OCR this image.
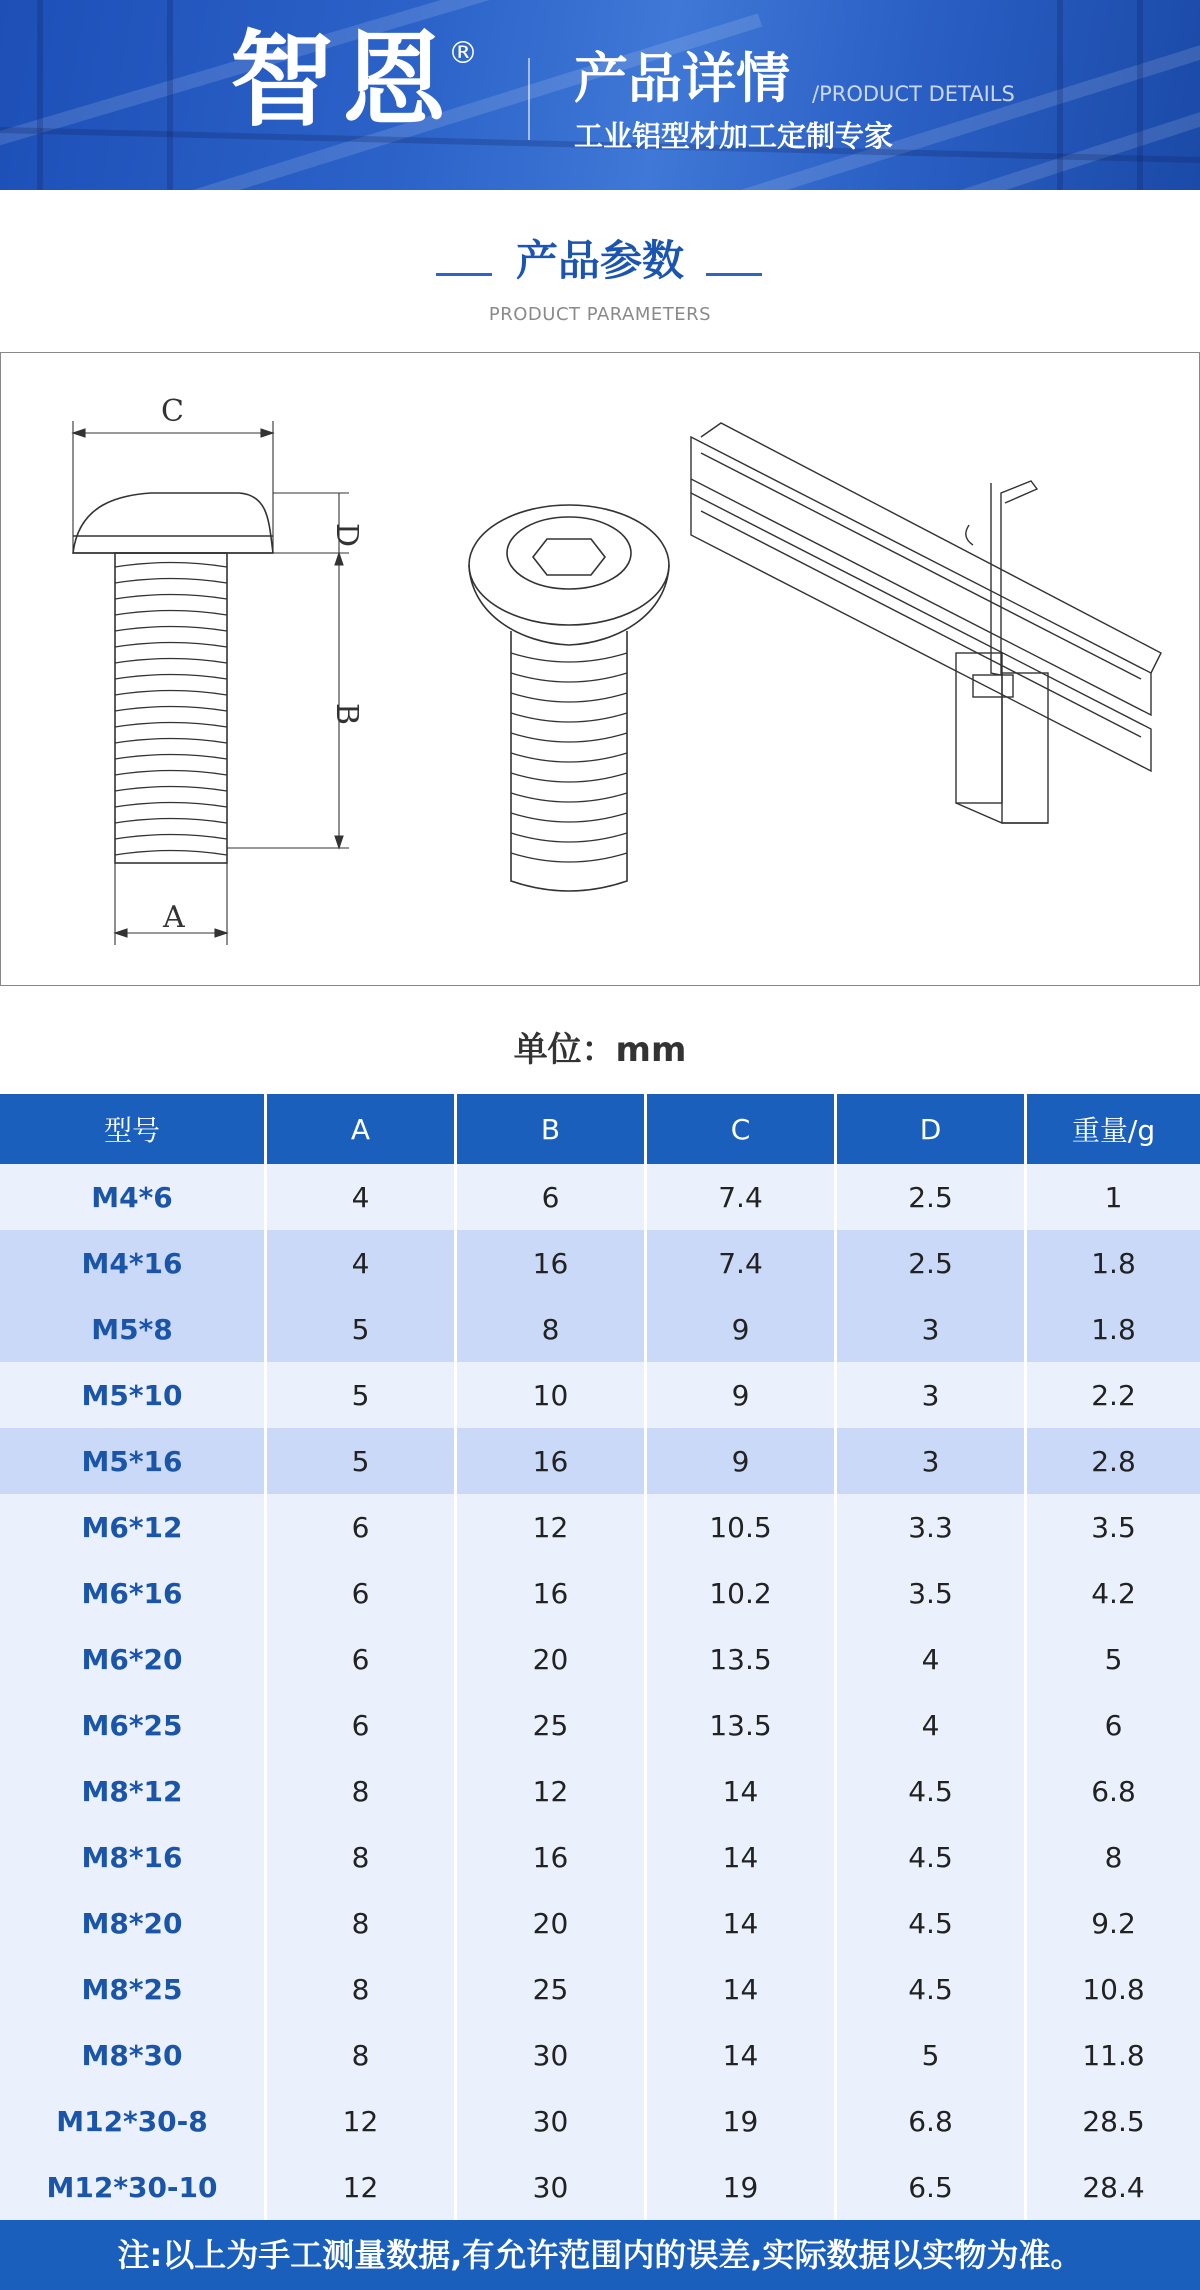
智恩
® 产品详情 /PRODUCT DETAILS
工业铝型材加工定制专家
产品参数
PRODUCT PARAMETERS
C
D
B
A
单位：mm
型号	A	B	C	D	重量/g
M4*6	4	6	7.4	2.5	1
M4*16	4	16	7.4	2.5	1.8
M5*8	5	8	9	3	1.8
M5*10	5	10	9	3	2.2
M5*16	5	16	9	3	2.8
M6*12	6	12	10.5	3.3	3.5
M6*16	6	16	10.2	3.5	4.2
M6*20	6	20	13.5	4	5
M6*25	6	25	13.5	4	6
M8*12	8	12	14	4.5	6.8
M8*16	8	16	14	4.5	8
M8*20	8	20	14	4.5	9.2
M8*25	8	25	14	4.5	10.8
M8*30	8	30	14	5	11.8
M12*30-8	12	30	19	6.8	28.5
M12*30-10	12	30	19	6.5	28.4
注:以上为手工测量数据,有允许范围内的误差,实际数据以实物为准。
